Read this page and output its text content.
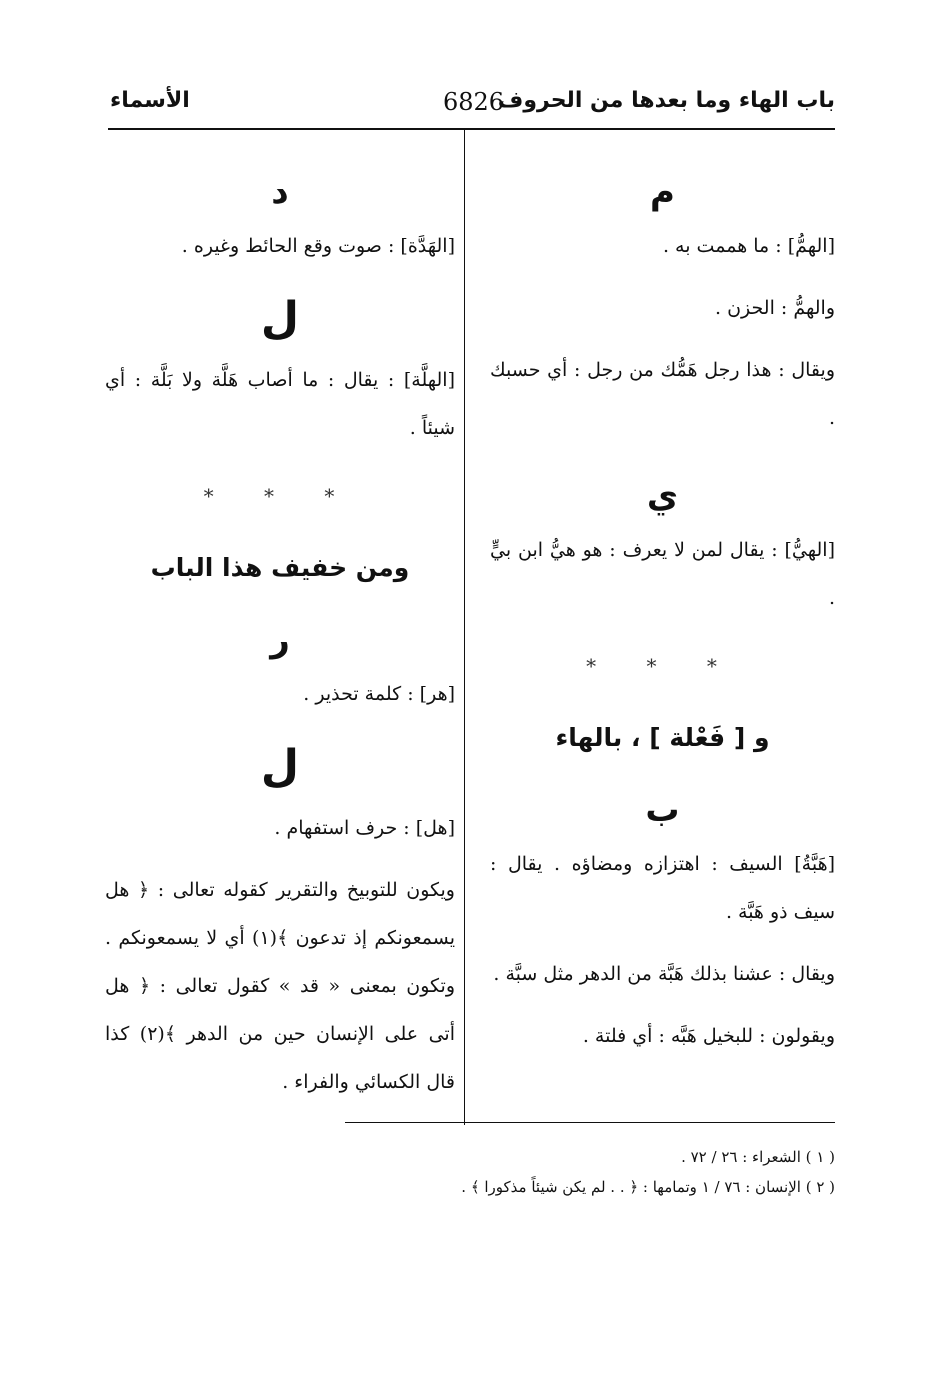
باب الهاء وما بعدها من الحروف
6826
الأسماء
م

[الهمُّ] : ما هممت به .

والهمُّ : الحزن .

ويقال : هذا رجل هَمُّك من رجل : أي حسبك .

ي

[الهيُّ] : يقال لمن لا يعرف : هو هيُّ ابن بيٍّ .

* * *
و [ فَعْلة ] ، بالهاء
ب

[هَبَّةُ] السيف : اهتزازه ومضاؤه . يقال : سيف ذو هَبَّة .

ويقال : عشنا بذلك هَبَّة من الدهر مثل سبَّة .

ويقولون : للبخيل هَبَّه : أي فلتة .

د

[الهَدَّة] : صوت وقع الحائط وغيره .

ل

[الهلَّة] : يقال : ما أصاب هَلَّة ولا بَلَّة : أي شيئاً .

* * *
ومن خفيف هذا الباب
ر

[هر] : كلمة تحذير .

ل

[هل] : حرف استفهام .

ويكون للتوبيخ والتقرير كقوله تعالى : ﴿ هل يسمعونكم إذ تدعون ﴾(١) أي لا يسمعونكم . وتكون بمعنى « قد » كقول تعالى : ﴿ هل أتى على الإنسان حين من الدهر ﴾(٢) كذا قال الكسائي والفراء .

( ١ ) الشعراء : ٢٦ / ٧٢ .
( ٢ ) الإنسان : ٧٦ / ١ وتمامها : ﴿ . . لم يكن شيئاً مذكورا ﴾ .
